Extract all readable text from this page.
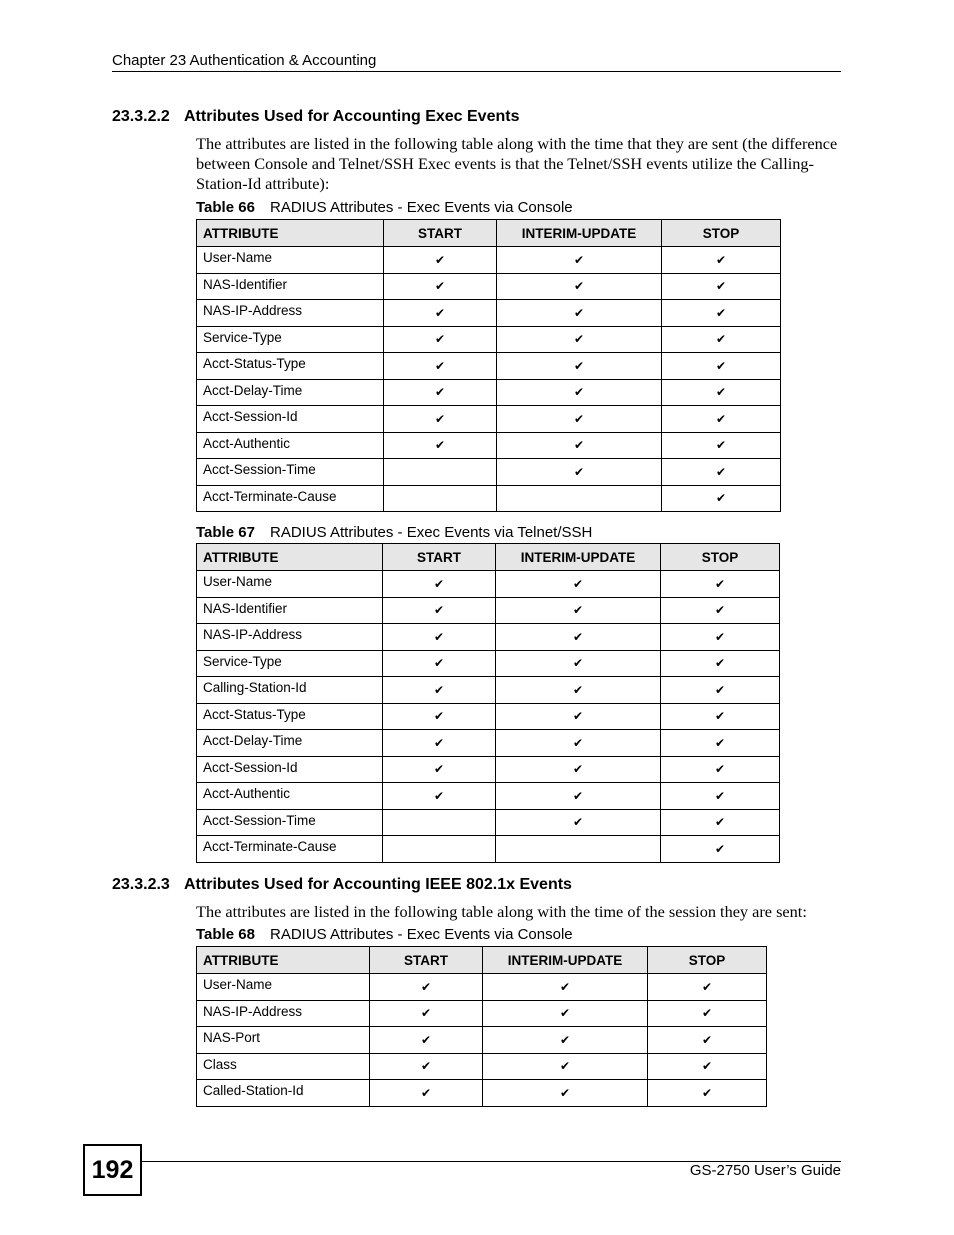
Chapter 23 Authentication & Accounting
23.3.2.2 Attributes Used for Accounting Exec Events
The attributes are listed in the following table along with the time that they are sent (the difference between Console and Telnet/SSH Exec events is that the Telnet/SSH events utilize the Calling-Station-Id attribute):
Table 66 RADIUS Attributes - Exec Events via Console
ATTRIBUTE	START	INTERIM-UPDATE	STOP
User-Name	✔	✔	✔
NAS-Identifier	✔	✔	✔
NAS-IP-Address	✔	✔	✔
Service-Type	✔	✔	✔
Acct-Status-Type	✔	✔	✔
Acct-Delay-Time	✔	✔	✔
Acct-Session-Id	✔	✔	✔
Acct-Authentic	✔	✔	✔
Acct-Session-Time		✔	✔
Acct-Terminate-Cause			✔
Table 67 RADIUS Attributes - Exec Events via Telnet/SSH
ATTRIBUTE	START	INTERIM-UPDATE	STOP
User-Name	✔	✔	✔
NAS-Identifier	✔	✔	✔
NAS-IP-Address	✔	✔	✔
Service-Type	✔	✔	✔
Calling-Station-Id	✔	✔	✔
Acct-Status-Type	✔	✔	✔
Acct-Delay-Time	✔	✔	✔
Acct-Session-Id	✔	✔	✔
Acct-Authentic	✔	✔	✔
Acct-Session-Time		✔	✔
Acct-Terminate-Cause			✔
23.3.2.3 Attributes Used for Accounting IEEE 802.1x Events
The attributes are listed in the following table along with the time of the session they are sent:
Table 68 RADIUS Attributes - Exec Events via Console
ATTRIBUTE	START	INTERIM-UPDATE	STOP
User-Name	✔	✔	✔
NAS-IP-Address	✔	✔	✔
NAS-Port	✔	✔	✔
Class	✔	✔	✔
Called-Station-Id	✔	✔	✔
192	GS-2750 User’s Guide
